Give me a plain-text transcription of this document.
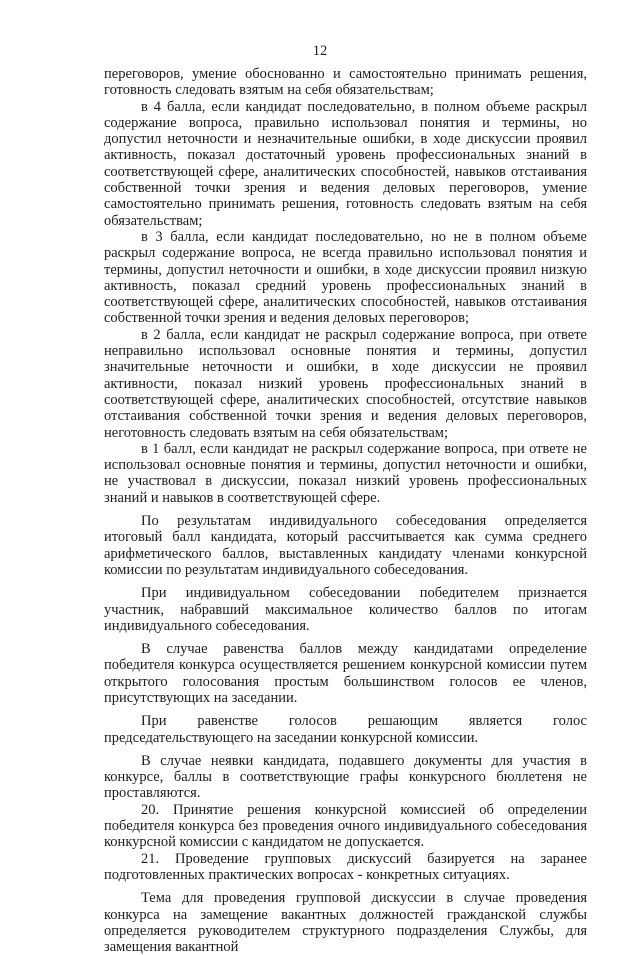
12

переговоров, умение обоснованно и самостоятельно принимать решения, готовность следовать взятым на себя обязательствам;

в 4 балла, если кандидат последовательно, в полном объеме раскрыл содержание вопроса, правильно использовал понятия и термины, но допустил неточности и незначительные ошибки, в ходе дискуссии проявил активность, показал достаточный уровень профессиональных знаний в соответствующей сфере, аналитических способностей, навыков отстаивания собственной точки зрения и ведения деловых переговоров, умение самостоятельно принимать решения, готовность следовать взятым на себя обязательствам;

в 3 балла, если кандидат последовательно, но не в полном объеме раскрыл содержание вопроса, не всегда правильно использовал понятия и термины, допустил неточности и ошибки, в ходе дискуссии проявил низкую активность, показал средний уровень профессиональных знаний в соответствующей сфере, аналитических способностей, навыков отстаивания собственной точки зрения и ведения деловых переговоров;

в 2 балла, если кандидат не раскрыл содержание вопроса, при ответе неправильно использовал основные понятия и термины, допустил значительные неточности и ошибки, в ходе дискуссии не проявил активности, показал низкий уровень профессиональных знаний в соответствующей сфере, аналитических способностей, отсутствие навыков отстаивания собственной точки зрения и ведения деловых переговоров, неготовность следовать взятым на себя обязательствам;

в 1 балл, если кандидат не раскрыл содержание вопроса, при ответе не использовал основные понятия и термины, допустил неточности и ошибки, не участвовал в дискуссии, показал низкий уровень профессиональных знаний и навыков в соответствующей сфере.

По результатам индивидуального собеседования определяется итоговый балл кандидата, который рассчитывается как сумма среднего арифметического баллов, выставленных кандидату членами конкурсной комиссии по результатам индивидуального собеседования.

При индивидуальном собеседовании победителем признается участник, набравший максимальное количество баллов по итогам индивидуального собеседования.

В случае равенства баллов между кандидатами определение победителя конкурса осуществляется решением конкурсной комиссии путем открытого голосования простым большинством голосов ее членов, присутствующих на заседании.

При равенстве голосов решающим является голос председательствующего на заседании конкурсной комиссии.

В случае неявки кандидата, подавшего документы для участия в конкурсе, баллы в соответствующие графы конкурсного бюллетеня не проставляются.

20. Принятие решения конкурсной комиссией об определении победителя конкурса без проведения очного индивидуального собеседования конкурсной комиссии с кандидатом не допускается.

21. Проведение групповых дискуссий базируется на заранее подготовленных практических вопросах - конкретных ситуациях.

Тема для проведения групповой дискуссии в случае проведения конкурса на замещение вакантных должностей гражданской службы определяется руководителем структурного подразделения Службы, для замещения вакантной
